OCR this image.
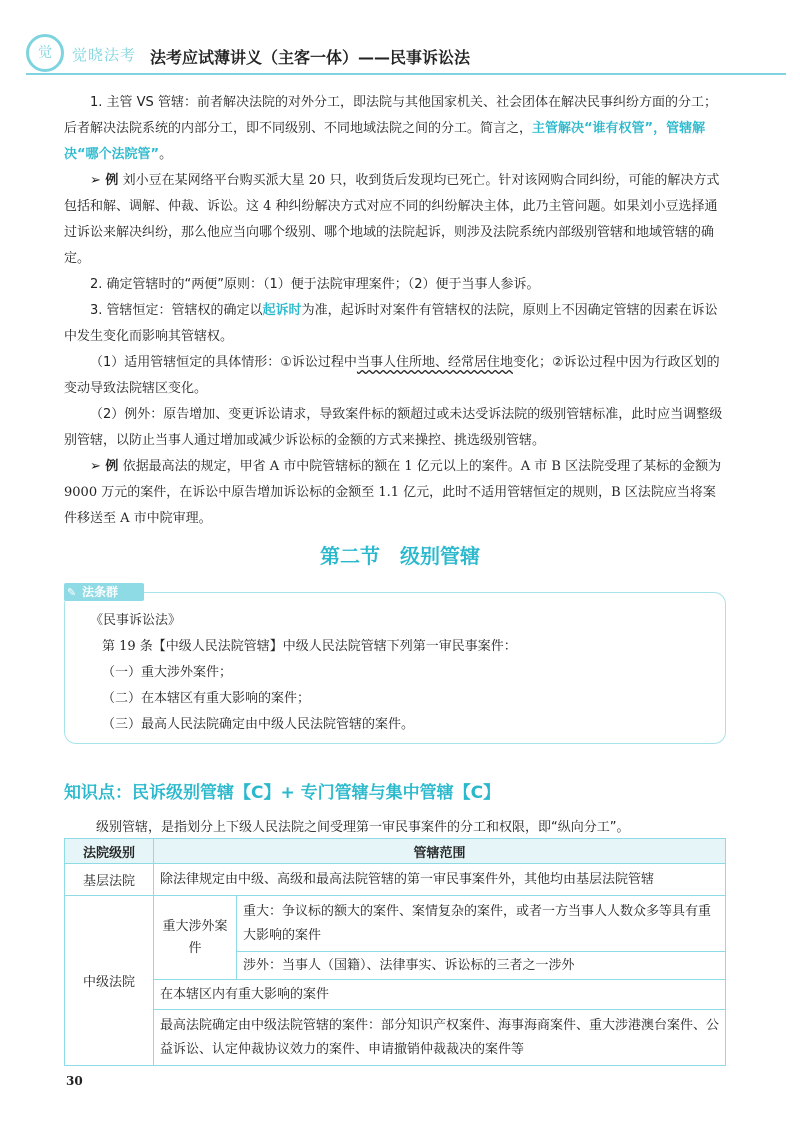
觉	觉晓法考 法考应试薄讲义（主客一体）——民事诉讼法

1. 主管 VS 管辖：前者解决法院的对外分工，即法院与其他国家机关、社会团体在解决民事纠纷方面的分工；后者解决法院系统的内部分工，即不同级别、不同地域法院之间的分工。简言之，主管解决“谁有权管”，管辖解决“哪个法院管”。

➢ 例 刘小豆在某网络平台购买派大星 20 只，收到货后发现均已死亡。针对该网购合同纠纷，可能的解决方式包括和解、调解、仲裁、诉讼。这 4 种纠纷解决方式对应不同的纠纷解决主体，此乃主管问题。如果刘小豆选择通过诉讼来解决纠纷，那么他应当向哪个级别、哪个地域的法院起诉，则涉及法院系统内部级别管辖和地域管辖的确定。

2. 确定管辖时的“两便”原则：（1）便于法院审理案件；（2）便于当事人参诉。

3. 管辖恒定：管辖权的确定以起诉时为准，起诉时对案件有管辖权的法院，原则上不因确定管辖的因素在诉讼中发生变化而影响其管辖权。

（1）适用管辖恒定的具体情形：①诉讼过程中当事人住所地、经常居住地变化；②诉讼过程中因为行政区划的变动导致法院辖区变化。

（2）例外：原告增加、变更诉讼请求，导致案件标的额超过或未达受诉法院的级别管辖标准，此时应当调整级别管辖，以防止当事人通过增加或减少诉讼标的金额的方式来操控、挑选级别管辖。

➢ 例 依据最高法的规定，甲省 A 市中院管辖标的额在 1 亿元以上的案件。A 市 B 区法院受理了某标的金额为 9000 万元的案件，在诉讼中原告增加诉讼标的金额至 1.1 亿元，此时不适用管辖恒定的规则，B 区法院应当将案件移送至 A 市中院审理。

第二节　级别管辖
✎ 法条群
《民事诉讼法》
第 19 条【中级人民法院管辖】中级人民法院管辖下列第一审民事案件：
（一）重大涉外案件；
（二）在本辖区有重大影响的案件；
（三）最高人民法院确定由中级人民法院管辖的案件。
知识点：民诉级别管辖【C】+ 专门管辖与集中管辖【C】
级别管辖，是指划分上下级人民法院之间受理第一审民事案件的分工和权限，即“纵向分工”。
法院级别	管辖范围	
基层法院	除法律规定由中级、高级和最高法院管辖的第一审民事案件外，其他均由基层法院管辖	
中级法院	重大涉外案件	重大：争议标的额大的案件、案情复杂的案件，或者一方当事人人数众多等具有重大影响的案件
		涉外：当事人（国籍）、法律事实、诉讼标的三者之一涉外
	在本辖区内有重大影响的案件	
	最高法院确定由中级法院管辖的案件：部分知识产权案件、海事海商案件、重大涉港澳台案件、公益诉讼、认定仲裁协议效力的案件、申请撤销仲裁裁决的案件等	
30
